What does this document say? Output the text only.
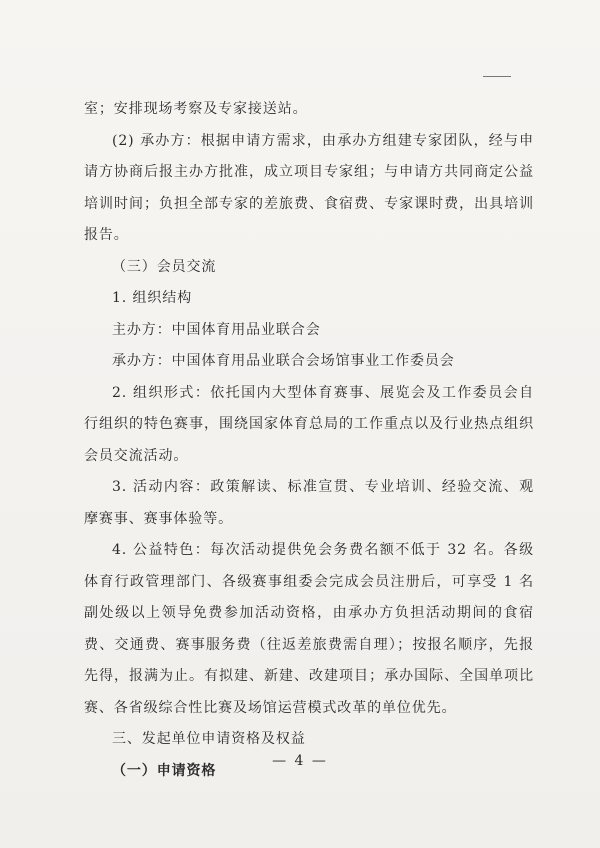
室；安排现场考察及专家接送站。

(2) 承办方：根据申请方需求，由承办方组建专家团队，经与申请方协商后报主办方批准，成立项目专家组；与申请方共同商定公益培训时间；负担全部专家的差旅费、食宿费、专家课时费，出具培训报告。

（三）会员交流

1. 组织结构

主办方：中国体育用品业联合会

承办方：中国体育用品业联合会场馆事业工作委员会

2. 组织形式：依托国内大型体育赛事、展览会及工作委员会自行组织的特色赛事，围绕国家体育总局的工作重点以及行业热点组织会员交流活动。

3. 活动内容：政策解读、标准宣贯、专业培训、经验交流、观摩赛事、赛事体验等。

4. 公益特色：每次活动提供免会务费名额不低于 32 名。各级体育行政管理部门、各级赛事组委会完成会员注册后，可享受 1 名副处级以上领导免费参加活动资格，由承办方负担活动期间的食宿费、交通费、赛事服务费（往返差旅费需自理）；按报名顺序，先报先得，报满为止。有拟建、新建、改建项目；承办国际、全国单项比赛、各省级综合性比赛及场馆运营模式改革的单位优先。

三、发起单位申请资格及权益

（一）申请资格

— 4 —
